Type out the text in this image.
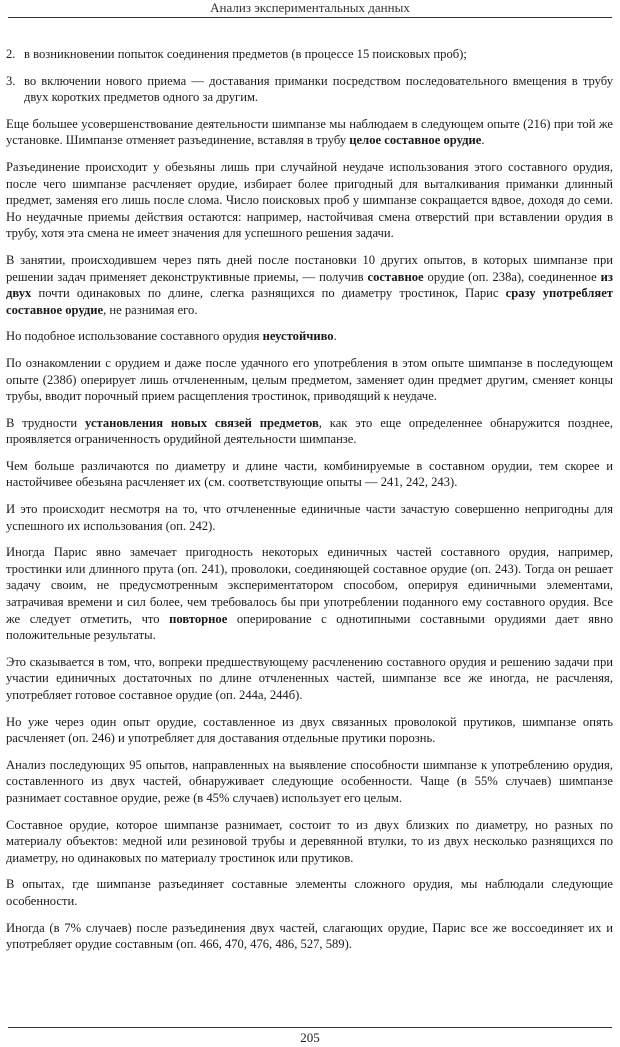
Анализ экспериментальных данных

2. в возникновении попыток соединения предметов (в процессе 15 поисковых проб);

3. во включении нового приема — доставания приманки посредством последовательного вмещения в трубу двух коротких предметов одного за другим.

Еще большее усовершенствование деятельности шимпанзе мы наблюдаем в следующем опыте (216) при той же установке. Шимпанзе отменяет разъединение, вставляя в трубу целое составное орудие.

Разъединение происходит у обезьяны лишь при случайной неудаче использования этого составного орудия, после чего шимпанзе расчленяет орудие, избирает более пригодный для выталкивания приманки длинный предмет, заменяя его лишь после слома. Число поисковых проб у шимпанзе сокращается вдвое, доходя до семи. Но неудачные приемы действия остаются: например, настойчивая смена отверстий при вставлении орудия в трубу, хотя эта смена не имеет значения для успешного решения задачи.

В занятии, происходившем через пять дней после постановки 10 других опытов, в которых шимпанзе при решении задач применяет деконструктивные приемы, — получив составное орудие (оп. 238а), соединенное из двух почти одинаковых по длине, слегка разнящихся по диаметру тростинок, Парис сразу употребляет составное орудие, не разнимая его.

Но подобное использование составного орудия неустойчиво.

По ознакомлении с орудием и даже после удачного его употребления в этом опыте шимпанзе в последующем опыте (238б) оперирует лишь отчлененным, целым предметом, заменяет один предмет другим, сменяет концы трубы, вводит порочный прием расщепления тростинок, приводящий к неудаче.

В трудности установления новых связей предметов, как это еще определеннее обнаружится позднее, проявляется ограниченность орудийной деятельности шимпанзе.

Чем больше различаются по диаметру и длине части, комбинируемые в составном орудии, тем скорее и настойчивее обезьяна расчленяет их (см. соответствующие опыты — 241, 242, 243).

И это происходит несмотря на то, что отчлененные единичные части зачастую совершенно непригодны для успешного их использования (оп. 242).

Иногда Парис явно замечает пригодность некоторых единичных частей составного орудия, например, тростинки или длинного прута (оп. 241), проволоки, соединяющей составное орудие (оп. 243). Тогда он решает задачу своим, не предусмотренным экспериментатором способом, оперируя единичными элементами, затрачивая времени и сил более, чем требовалось бы при употреблении поданного ему составного орудия. Все же следует отметить, что повторное оперирование с однотипными составными орудиями дает явно положительные результаты.

Это сказывается в том, что, вопреки предшествующему расчленению составного орудия и решению задачи при участии единичных достаточных по длине отчлененных частей, шимпанзе все же иногда, не расчленяя, употребляет готовое составное орудие (оп. 244а, 244б).

Но уже через один опыт орудие, составленное из двух связанных проволокой прутиков, шимпанзе опять расчленяет (оп. 246) и употребляет для доставания отдельные прутики порознь.

Анализ последующих 95 опытов, направленных на выявление способности шимпанзе к употреблению орудия, составленного из двух частей, обнаруживает следующие особенности. Чаще (в 55% случаев) шимпанзе разнимает составное орудие, реже (в 45% случаев) использует его целым.

Составное орудие, которое шимпанзе разнимает, состоит то из двух близких по диаметру, но разных по материалу объектов: медной или резиновой трубы и деревянной втулки, то из двух несколько разнящихся по диаметру, но одинаковых по материалу тростинок или прутиков.

В опытах, где шимпанзе разъединяет составные элементы сложного орудия, мы наблюдали следующие особенности.

Иногда (в 7% случаев) после разъединения двух частей, слагающих орудие, Парис все же воссоединяет их и употребляет орудие составным (оп. 466, 470, 476, 486, 527, 589).

205
